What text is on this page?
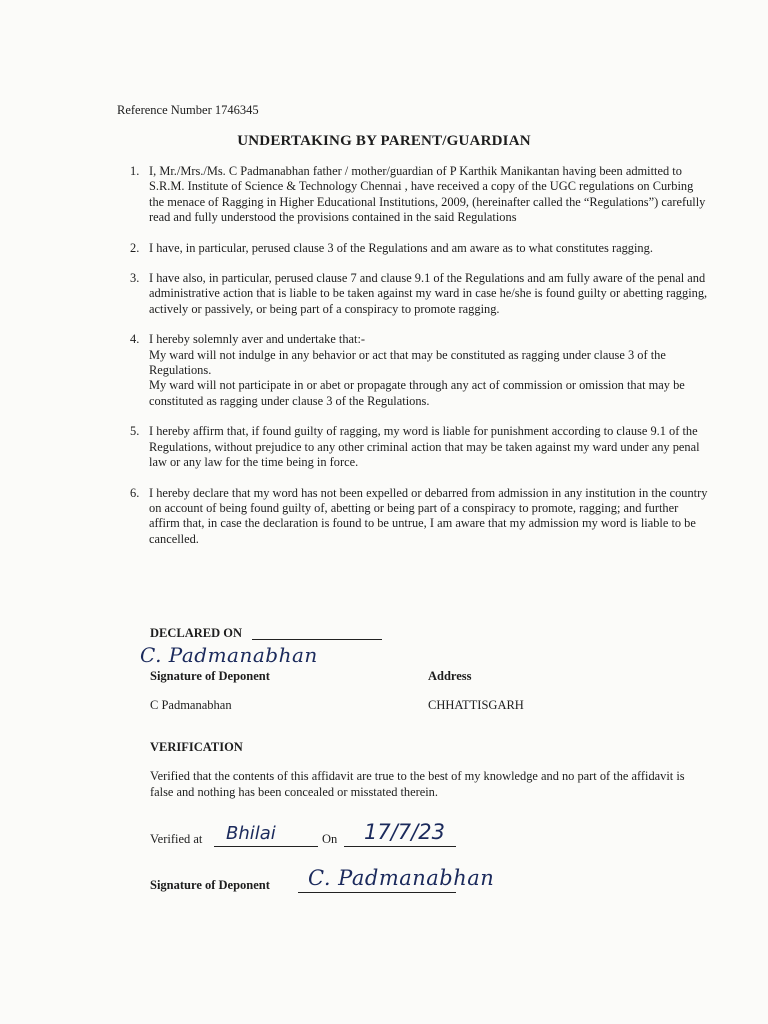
Reference Number 1746345
UNDERTAKING BY PARENT/GUARDIAN
1. I, Mr./Mrs./Ms. C Padmanabhan father / mother/guardian of P Karthik Manikantan having been admitted to S.R.M. Institute of Science & Technology Chennai , have received a copy of the UGC regulations on Curbing the menace of Ragging in Higher Educational Institutions, 2009, (hereinafter called the “Regulations”) carefully read and fully understood the provisions contained in the said Regulations
2. I have, in particular, perused clause 3 of the Regulations and am aware as to what constitutes ragging.
3. I have also, in particular, perused clause 7 and clause 9.1 of the Regulations and am fully aware of the penal and administrative action that is liable to be taken against my ward in case he/she is found guilty or abetting ragging, actively or passively, or being part of a conspiracy to promote ragging.
4. I hereby solemnly aver and undertake that:-
My ward will not indulge in any behavior or act that may be constituted as ragging under clause 3 of the Regulations.
My ward will not participate in or abet or propagate through any act of commission or omission that may be constituted as ragging under clause 3 of the Regulations.
5. I hereby affirm that, if found guilty of ragging, my word is liable for punishment according to clause 9.1 of the Regulations, without prejudice to any other criminal action that may be taken against my ward under any penal law or any law for the time being in force.
6. I hereby declare that my word has not been expelled or debarred from admission in any institution in the country on account of being found guilty of, abetting or being part of a conspiracy to promote, ragging; and further affirm that, in case the declaration is found to be untrue, I am aware that my admission my word is liable to be cancelled.
DECLARED ON
C. Padmanabhan
Signature of Deponent	Address
C Padmanabhan	CHHATTISGARH
VERIFICATION
Verified that the contents of this affidavit are true to the best of my knowledge and no part of the affidavit is false and nothing has been concealed or misstated therein.
Verified at Bhilai	On 17/7/23
Signature of Deponent C. Padmanabhan
